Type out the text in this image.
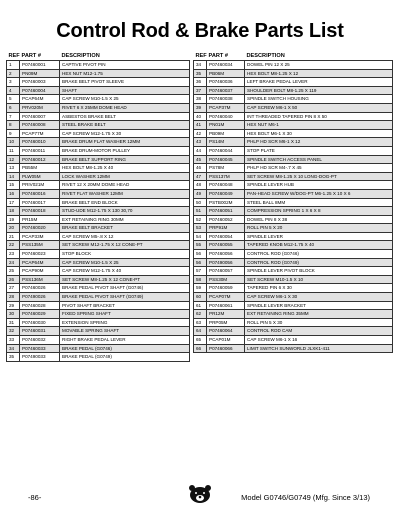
Control Rod & Brake Parts List
REF	PART #	DESCRIPTION
1	P07460001	CAPTIVE PIVOT PIN
2	PN09M	HEX NUT M12-1.75
3	P07460003	BRAKE BELT PIVOT SLEEVE
4	P07460004	SHAFT
5	PCAP64M	CAP SCREW M10-1.5 X 25
6	PRV020M	RIVET 6 X 25MM DOME HEAD
7	P07460007	ASBESTOS BRAKE BELT
8	P07460008	STEEL BRAKE BELT
9	PCAP77M	CAP SCREW M12-1.75 X 30
10	P07460010	BRAKE DRUM FLAT WASHER 12MM
11	P07460011	BRAKE DRUM-MOTOR PULLEY
12	P07460012	BRAKE BELT SUPPORT RING
13	PB55M	HEX BOLT M8-1.25 X 40
14	PLW05M	LOCK WASHER 12MM
15	PRIV021M	RIVET 12 X 20MM DOME HEAD
16	P07460016	RIVET FLAT WASHER 12MM
17	P07460017	BRAKE BELT END BLOCK
18	P07460018	STUD-UDE M12-1.75 X 130 30,70
19	PR15M	EXT RETAINING RING 30MM
20	P07460020	BRAKE BELT BRACKET
21	PCAP33M	CAP SCREW M5-.8 X 12
22	PSS135M	SET SCREW M12-1.75 X 12 CONE-PT
23	P07460023	STOP BLOCK
24	PCAP64M	CAP SCREW M10-1.5 X 25
25	PCAP90M	CAP SCREW M12-1.75 X 40
26	PSS136M	SET SCREW M8-1.25 X 12 CONE-PT
27	P07460026	BRAKE PEDAL PIVOT SHAFT (G0746)
28	P07490026	BRAKE PEDAL PIVOT SHAFT (G0749)
29	P07460028	PIVOT SHAFT BRACKET
30	P07460029	FIXED SPRING SHAFT
31	P07460030	EXTENSION SPRING
32	P07460031	MOVABLE SPRING SHAFT
33	P07460032	RIGHT BRAKE PEDAL LEVER
34	P07460033	BRAKE PEDAL (G0746)
35	P07490033	BRAKE PEDAL (G0749)
REF	PART #	DESCRIPTION
34	P07460034	DOWEL PIN 12 X 25
35	PB06M	HEX BOLT M8-1.25 X 12
36	P07460036	LEFT BRAKE PEDAL LEVER
37	P07460037	SHOULDER BOLT M8-1.25 X 119
38	P07460038	SPINDLE SWITCH HOUSING
39	PCAP37M	CAP SCREW M6-1 X 50
40	P07460040	INT THREADED TAPERED PIN 8 X 50
41	PN01M	HEX NUT M6-1
42	PB09M	HEX BOLT M6-1 X 30
43	PS14M	PHLP HD SCR M6-1 X 12
44	P07460044	STOP PLATE
45	P07460045	SPINDLE SWITCH ACCESS PANEL
46	PS78M	PHLP HD SCR M4-.7 X 45
47	PSS137M	SET SCREW M8-1.25 X 10 LONG-DOG-PT
48	P07460048	SPINDLE LEVER HUB
49	P07460049	PAN-HEAD SCREW W/DOG-PT M6-1.25 X 10 X 6
50	PSTB002M	STEEL BALL 8MM
51	P07460051	COMPRESSION SPRING 1 X 6 X 8
52	P07460052	DOWEL PIN 8 X 38
53	PRP91M	ROLL PIN 5 X 20
54	P07460054	SPINDLE LEVER
55	P07460055	TAPERED KNOB M12-1.75 X 40
56	P07460056	CONTROL ROD (G0746)
56	P07490056	CONTROL ROD (G0749)
57	P07460057	SPINDLE LEVER PIVOT BLOCK
58	PSS30M	SET SCREW M10-1.5 X 10
59	P07460059	TAPERED PIN 6 X 30
60	PCAP07M	CAP SCREW M6-1 X 30
61	P07460061	SPINDLE LEVER BRACKET
62	PR12M	EXT RETAINING RING 35MM
63	PRP05M	ROLL PIN 5 X 30
64	P07460064	CONTROL ROD CAM
65	PCAP01M	CAP SCREW M6-1 X 16
66	P07460066	LIMIT SWITCH SUNWORLD JLXK1-411
-86-	Model G0746/G0749 (Mfg. Since 3/13)
